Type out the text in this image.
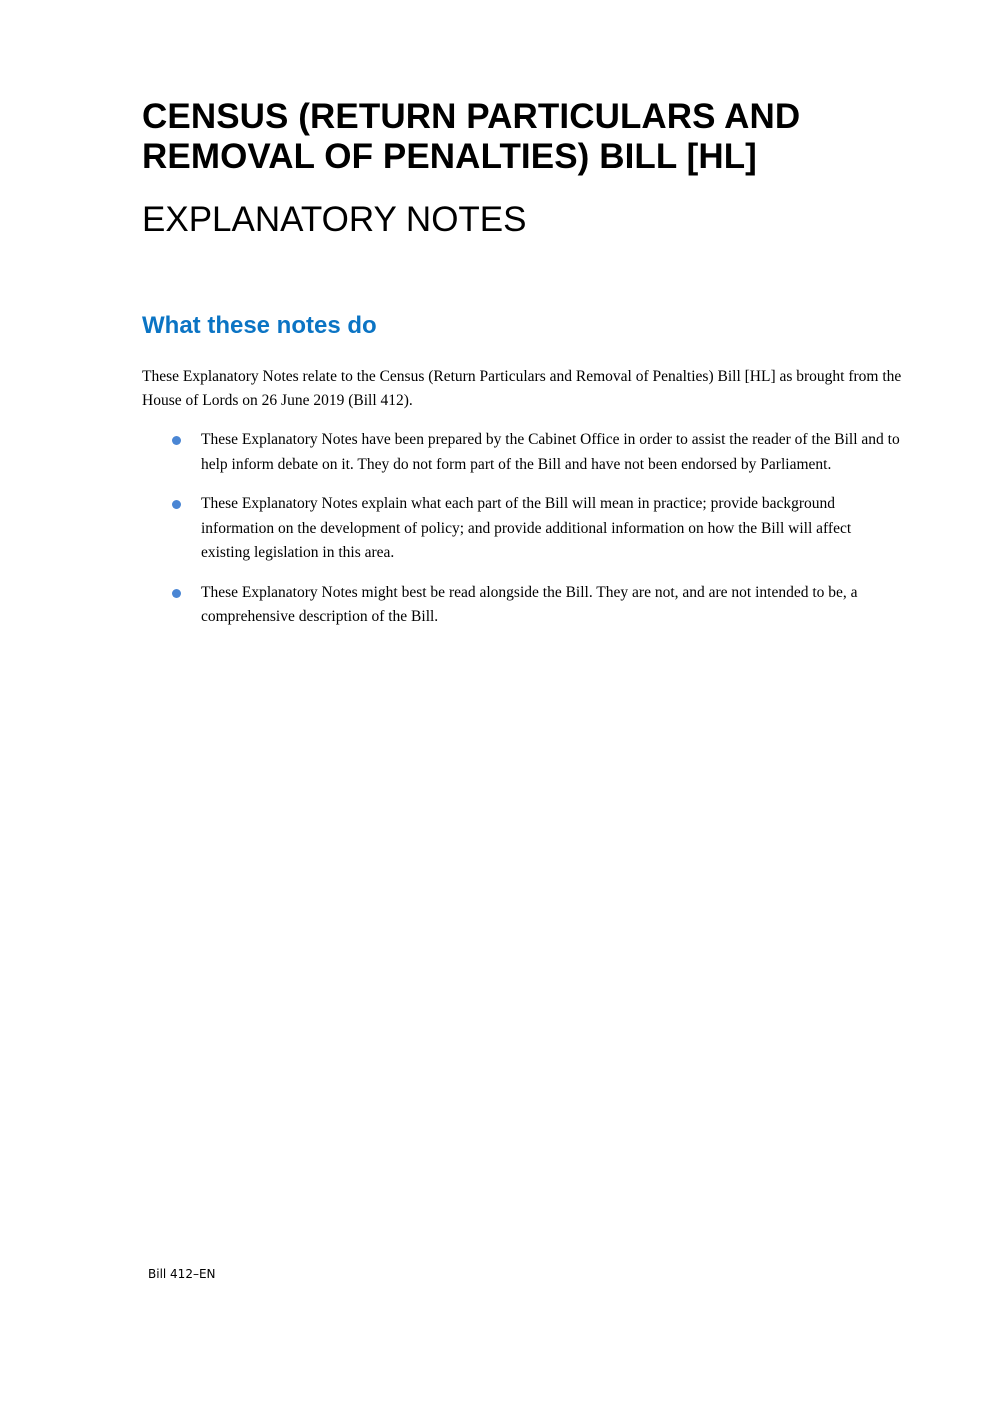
CENSUS (RETURN PARTICULARS AND REMOVAL OF PENALTIES) BILL [HL]
EXPLANATORY NOTES
What these notes do

These Explanatory Notes relate to the Census (Return Particulars and Removal of Penalties) Bill [HL] as brought from the House of Lords on 26 June 2019 (Bill 412).

These Explanatory Notes have been prepared by the Cabinet Office in order to assist the reader of the Bill and to help inform debate on it. They do not form part of the Bill and have not been endorsed by Parliament.
These Explanatory Notes explain what each part of the Bill will mean in practice; provide background information on the development of policy; and provide additional information on how the Bill will affect existing legislation in this area.
These Explanatory Notes might best be read alongside the Bill. They are not, and are not intended to be, a comprehensive description of the Bill.

Bill 412–EN
